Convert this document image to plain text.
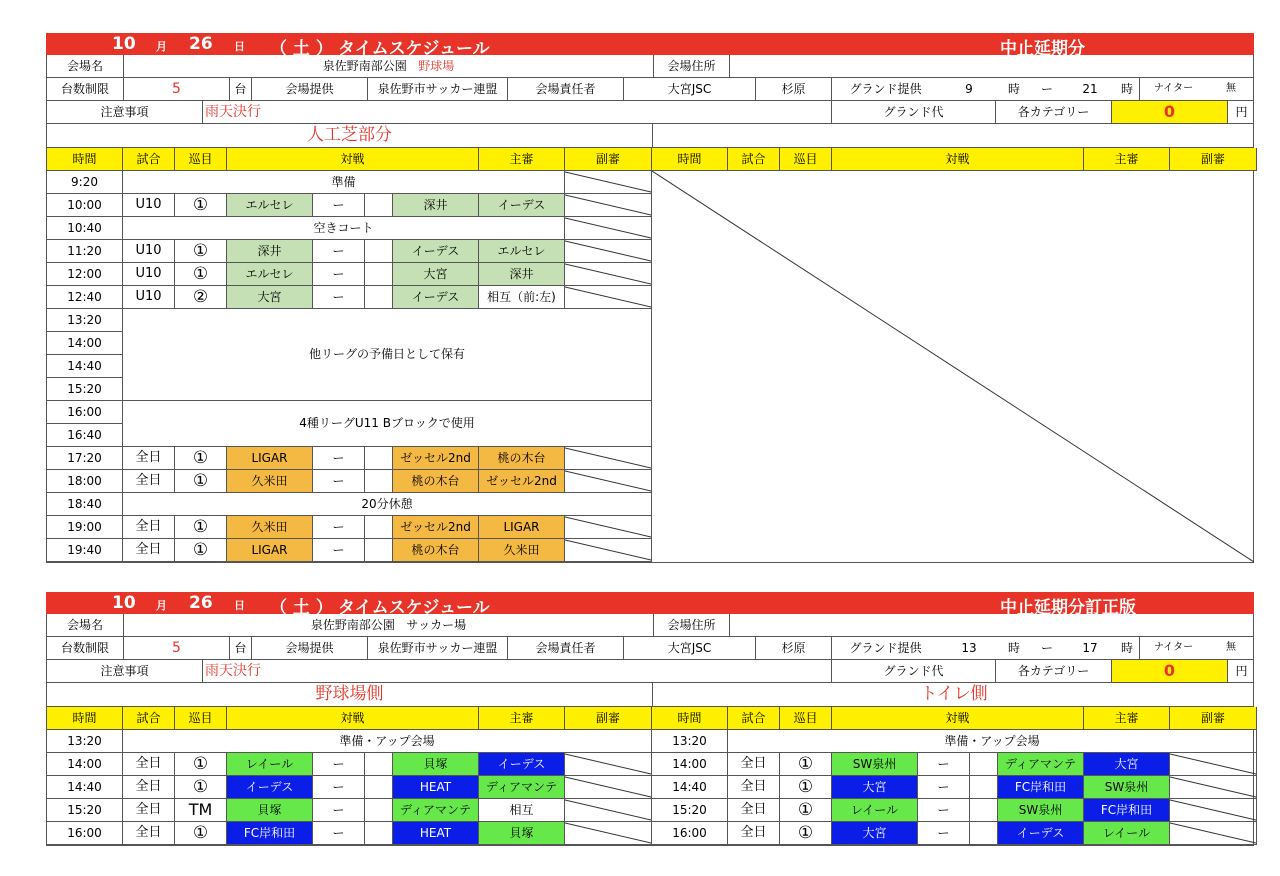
10 月 26 日 （ 土 ） タイムスケジュール	中止延期分
会場名	泉佐野南部公園 野球場	会場住所
台数制限	5	台	会場提供	泉佐野市サッカー連盟	会場責任者	大宮JSC	杉原	グランド提供	9	時	ー	21	時	ナイター	無
注意事項	雨天決行	グランド代	各カテゴリー	0	円
人工芝部分
時間	試合	巡目	対戦	主審	副審	時間	試合	巡目	対戦	主審	副審
9:20	準備
10:00	U10	①	エルセレ	ー	深井	イーデス
10:40	空きコート
11:20	U10	①	深井	ー	イーデス	エルセレ
12:00	U10	①	エルセレ	ー	大宮	深井
12:40	U10	②	大宮	ー	イーデス	相互（前:左)
13:20
14:00
14:40
15:20
他リーグの予備日として保有
16:00
16:40
4種リーグU11 Bブロックで使用
17:20	全日	①	LIGAR	ー	ゼッセル2nd	桃の木台
18:00	全日	①	久米田	ー	桃の木台	ゼッセル2nd
18:40	20分休憩
19:00	全日	①	久米田	ー	ゼッセル2nd	LIGAR
19:40	全日	①	LIGAR	ー	桃の木台	久米田
10 月 26 日 （ 土 ） タイムスケジュール	中止延期分訂正版
会場名	泉佐野南部公園 サッカー場	会場住所
台数制限	5	台	会場提供	泉佐野市サッカー連盟	会場責任者	大宮JSC	杉原	グランド提供	13	時	ー	17	時	ナイター	無
注意事項	雨天決行	グランド代	各カテゴリー	0	円
野球場側	トイレ側
時間	試合	巡目	対戦	主審	副審	時間	試合	巡目	対戦	主審	副審
13:20	準備・アップ会場
14:00	全日	①	レイール	ー	貝塚	イーデス
14:40	全日	①	イーデス	ー	HEAT	ディアマンテ
15:20	全日	TM	貝塚	ー	ディアマンテ	相互
16:00	全日	①	FC岸和田	ー	HEAT	貝塚
13:20	準備・アップ会場
14:00	全日	①	SW泉州	ー	ディアマンテ	大宮
14:40	全日	①	大宮	ー	FC岸和田	SW泉州
15:20	全日	①	レイール	ー	SW泉州	FC岸和田
16:00	全日	①	大宮	ー	イーデス	レイール
